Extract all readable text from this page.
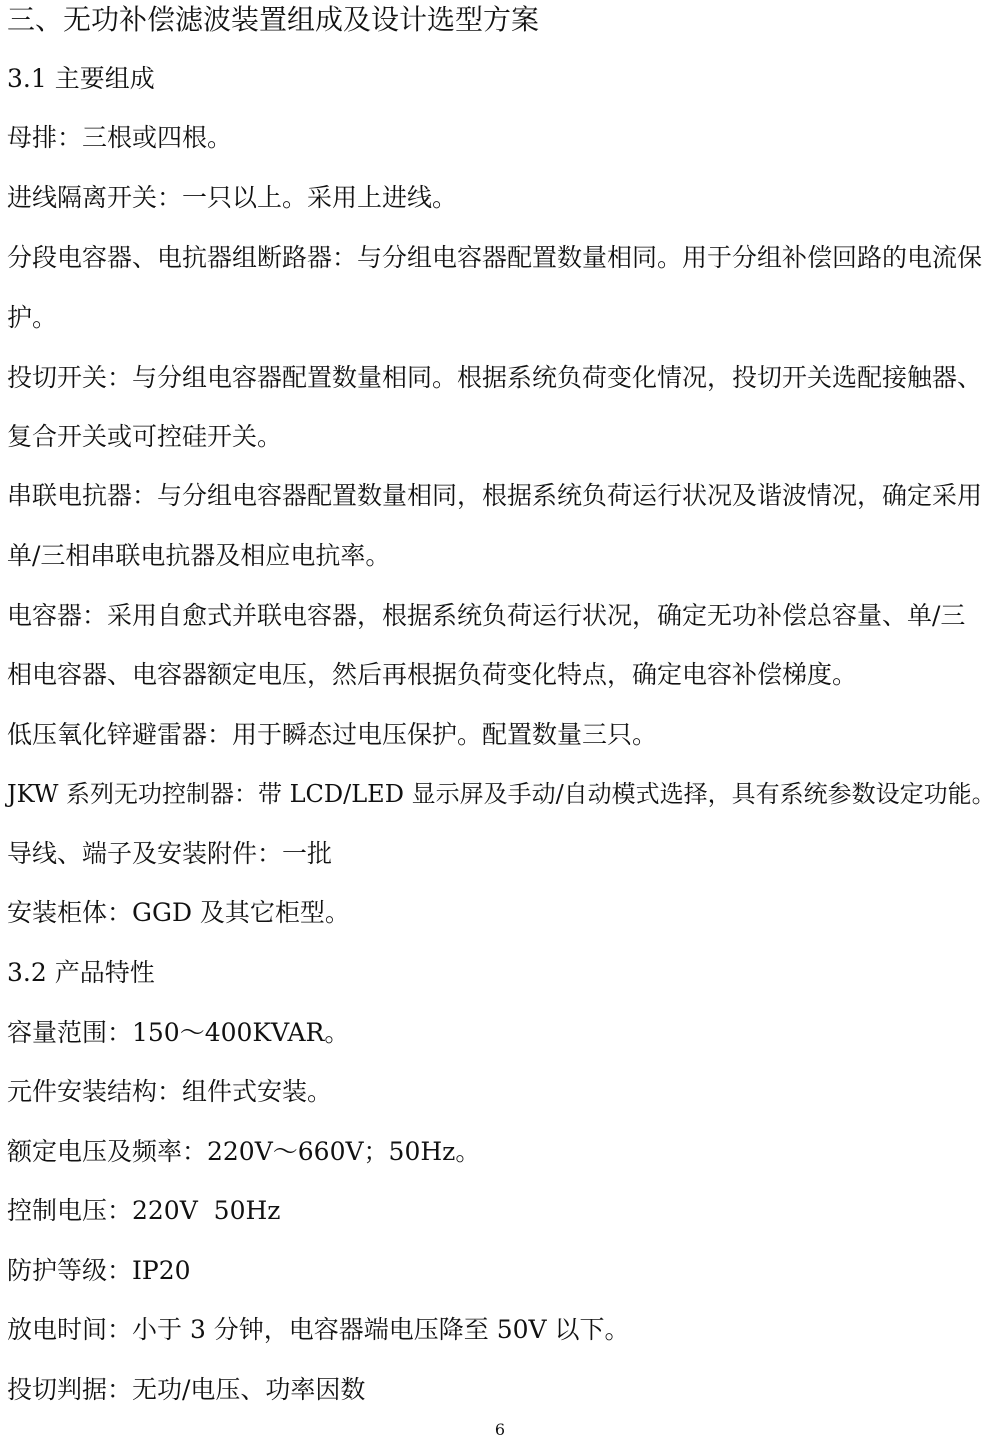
三、无功补偿滤波装置组成及设计选型方案
3.1 主要组成
母排：三根或四根。
进线隔离开关：一只以上。采用上进线。
分段电容器、电抗器组断路器：与分组电容器配置数量相同。用于分组补偿回路的电流保
护。
投切开关：与分组电容器配置数量相同。根据系统负荷变化情况，投切开关选配接触器、
复合开关或可控硅开关。
串联电抗器：与分组电容器配置数量相同，根据系统负荷运行状况及谐波情况，确定采用
单/三相串联电抗器及相应电抗率。
电容器：采用自愈式并联电容器，根据系统负荷运行状况，确定无功补偿总容量、单/三
相电容器、电容器额定电压，然后再根据负荷变化特点，确定电容补偿梯度。
低压氧化锌避雷器：用于瞬态过电压保护。配置数量三只。
JKW 系列无功控制器：带 LCD/LED 显示屏及手动/自动模式选择，具有系统参数设定功能。
导线、端子及安装附件：一批
安装柜体：GGD 及其它柜型。
3.2 产品特性
容量范围：150～400KVAR。
元件安装结构：组件式安装。
额定电压及频率：220V～660V；50Hz。
控制电压：220V  50Hz
防护等级：IP20
放电时间：小于 3 分钟，电容器端电压降至 50V 以下。
投切判据：无功/电压、功率因数
6
